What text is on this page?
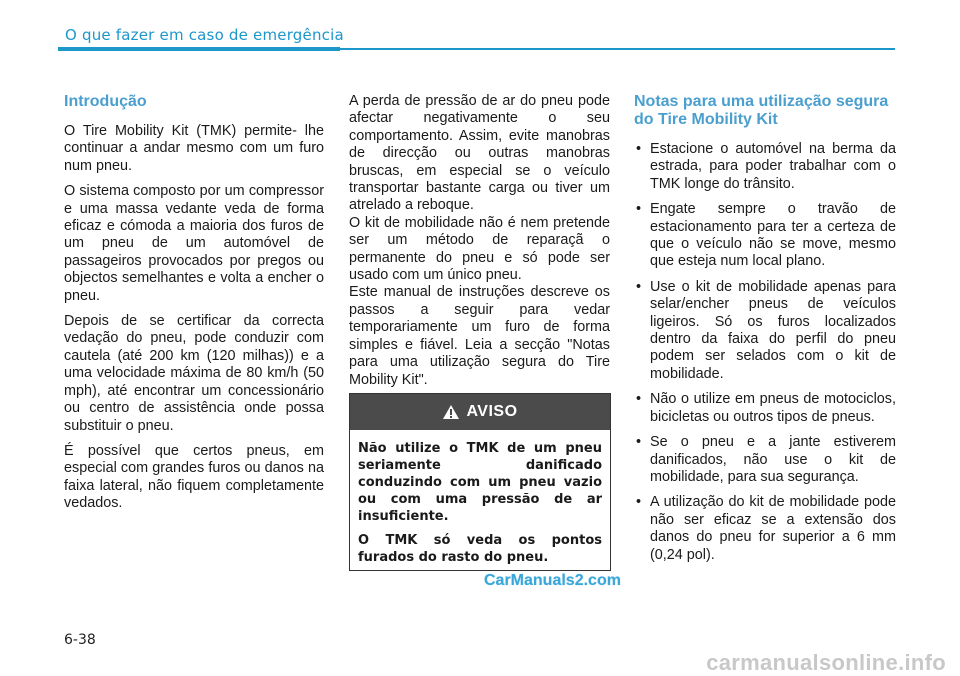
O que fazer em caso de emergência
Introdução

O Tire Mobility Kit (TMK) permite- lhe continuar a andar mesmo com um furo num pneu.

O sistema composto por um compressor e uma massa vedante veda de forma eficaz e cómoda a maioria dos furos de um pneu de um automóvel de passageiros provocados por pregos ou objectos semelhantes e volta a encher o pneu.

Depois de se certificar da correcta vedação do pneu, pode conduzir com cautela (até 200 km (120 milhas)) e a uma velocidade máxima de 80 km/h (50 mph), até encontrar um concessionário ou centro de assistência onde possa substituir o pneu.

É possível que certos pneus, em especial com grandes furos ou danos na faixa lateral, não fiquem completamente vedados.

A perda de pressão de ar do pneu pode afectar negativamente o seu comportamento. Assim, evite manobras de direcção ou outras manobras bruscas, em especial se o veículo transportar bastante carga ou tiver um atrelado a reboque.

O kit de mobilidade não é nem pretende ser um método de reparaçã o permanente do pneu e só pode ser usado com um único pneu.

Este manual de instruções descreve os passos a seguir para vedar temporariamente um furo de forma simples e fiável. Leia a secção "Notas para uma utilização segura do Tire Mobility Kit".

AVISO

Não utilize o TMK de um pneu seriamente danificado conduzindo com um pneu vazio ou com uma pressão de ar insuficiente.

O TMK só veda os pontos furados do rasto do pneu.

Notas para uma utilização segura do Tire Mobility Kit
• Estacione o automóvel na berma da estrada, para poder trabalhar com o TMK longe do trânsito.
• Engate sempre o travão de estacionamento para ter a certeza de que o veículo não se move, mesmo que esteja num local plano.
• Use o kit de mobilidade apenas para selar/encher pneus de veículos ligeiros. Só os furos localizados dentro da faixa do perfil do pneu podem ser selados com o kit de mobilidade.
• Não o utilize em pneus de motociclos, bicicletas ou outros tipos de pneus.
• Se o pneu e a jante estiverem danificados, não use o kit de mobilidade, para sua segurança.
• A utilização do kit de mobilidade pode não ser eficaz se a extensão dos danos do pneu for superior a 6 mm (0,24 pol).
CarManuals2.com
6-38
carmanualsonline.info
